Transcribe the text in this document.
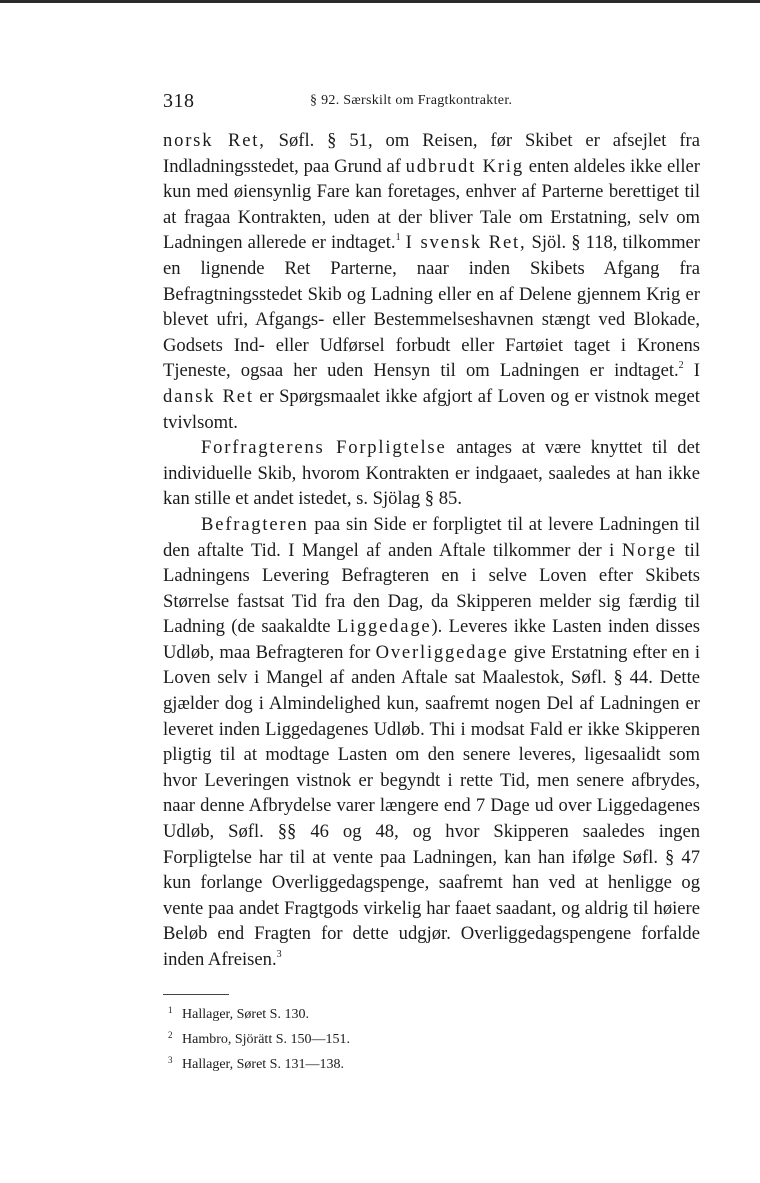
318	§ 92. Særskilt om Fragtkontrakter.

norsk Ret, Søfl. § 51, om Reisen, før Skibet er afsejlet fra Indladningsstedet, paa Grund af udbrudt Krig enten aldeles ikke eller kun med øiensynlig Fare kan foretages, enhver af Parterne berettiget til at fragaa Kontrakten, uden at der bliver Tale om Erstatning, selv om Ladningen allerede er indtaget.$^1$ I svensk Ret, Sjöl. § 118, tilkommer en lignende Ret Parterne, naar inden Skibets Afgang fra Befragtningsstedet Skib og Ladning eller en af Delene gjennem Krig er blevet ufri, Afgangs- eller Bestemmelseshavnen stængt ved Blokade, Godsets Ind- eller Udførsel forbudt eller Fartøiet taget i Kronens Tjeneste, ogsaa her uden Hensyn til om Ladningen er indtaget.$^2$ I dansk Ret er Spørgsmaalet ikke afgjort af Loven og er vistnok meget tvivlsomt.

Forfragterens Forpligtelse antages at være knyttet til det individuelle Skib, hvorom Kontrakten er indgaaet, saaledes at han ikke kan stille et andet istedet, s. Sjölag § 85.

Befragteren paa sin Side er forpligtet til at levere Ladningen til den aftalte Tid. I Mangel af anden Aftale tilkommer der i Norge til Ladningens Levering Befragteren en i selve Loven efter Skibets Størrelse fastsat Tid fra den Dag, da Skipperen melder sig færdig til Ladning (de saakaldte Liggedage). Leveres ikke Lasten inden disses Udløb, maa Befragteren for Overliggedage give Erstatning efter en i Loven selv i Mangel af anden Aftale sat Maalestok, Søfl. § 44. Dette gjælder dog i Almindelighed kun, saafremt nogen Del af Ladningen er leveret inden Liggedagenes Udløb. Thi i modsat Fald er ikke Skipperen pligtig til at modtage Lasten om den senere leveres, ligesaalidt som hvor Leveringen vistnok er begyndt i rette Tid, men senere afbrydes, naar denne Afbrydelse varer længere end 7 Dage ud over Liggedagenes Udløb, Søfl. §§ 46 og 48, og hvor Skipperen saaledes ingen Forpligtelse har til at vente paa Ladningen, kan han ifølge Søfl. § 47 kun forlange Overliggedagspenge, saafremt han ved at henligge og vente paa andet Fragtgods virkelig har faaet saadant, og aldrig til høiere Beløb end Fragten for dette udgjør. Overliggedagspengene forfalde inden Afreisen.$^3$

1 Hallager, Søret S. 130.
2 Hambro, Sjörätt S. 150—151.
3 Hallager, Søret S. 131—138.
